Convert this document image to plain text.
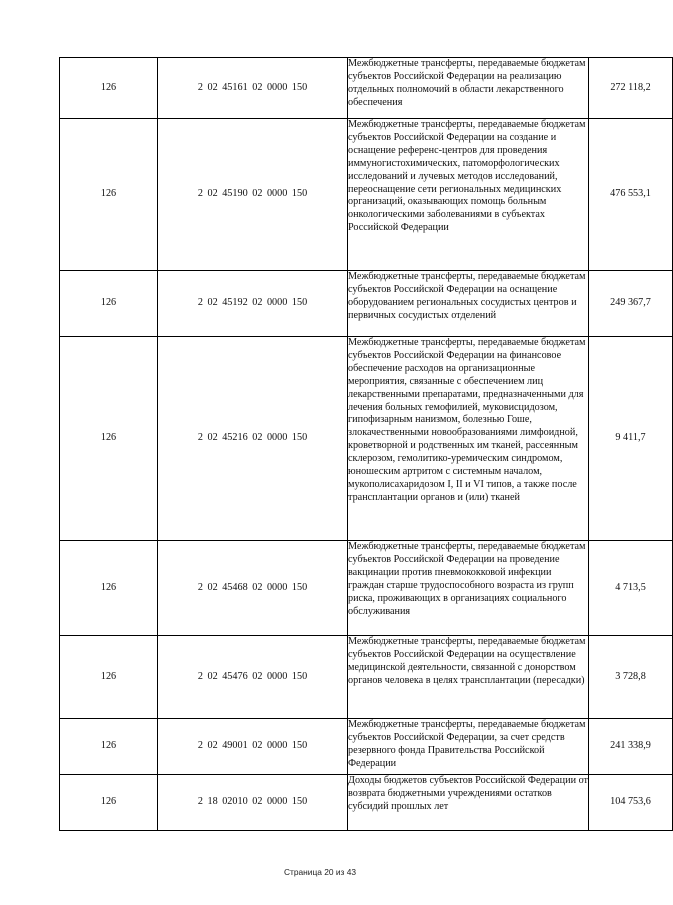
126	2 02 45161 02 0000 150	Межбюджетные трансферты, передаваемые бюджетам субъектов Российской Федерации на реализацию отдельных полномочий в области лекарственного обеспечения	272 118,2
126	2 02 45190 02 0000 150	Межбюджетные трансферты, передаваемые бюджетам субъектов Российской Федерации на создание и оснащение референс-центров для проведения иммуногистохимических, патоморфологических исследований и лучевых методов исследований, переоснащение сети региональных медицинских организаций, оказывающих помощь больным онкологическими заболеваниями в субъектах Российской Федерации	476 553,1
126	2 02 45192 02 0000 150	Межбюджетные трансферты, передаваемые бюджетам субъектов Российской Федерации на оснащение оборудованием региональных сосудистых центров и первичных сосудистых отделений	249 367,7
126	2 02 45216 02 0000 150	Межбюджетные трансферты, передаваемые бюджетам субъектов Российской Федерации на финансовое обеспечение расходов на организационные мероприятия, связанные с обеспечением лиц лекарственными препаратами, предназначенными для лечения больных гемофилией, муковисцидозом, гипофизарным нанизмом, болезнью Гоше, злокачественными новообразованиями лимфоидной, кроветворной и родственных им тканей, рассеянным склерозом, гемолитико-уремическим синдромом, юношеским артритом с системным началом, мукополисахаридозом I, II и VI типов, а также после трансплантации органов и (или) тканей	9 411,7
126	2 02 45468 02 0000 150	Межбюджетные трансферты, передаваемые бюджетам субъектов Российской Федерации на проведение вакцинации против пневмококковой инфекции граждан старше трудоспособного возраста из групп риска, проживающих в организациях социального обслуживания	4 713,5
126	2 02 45476 02 0000 150	Межбюджетные трансферты, передаваемые бюджетам субъектов Российской Федерации на осуществление медицинской деятельности, связанной с донорством органов человека в целях трансплантации (пересадки)	3 728,8
126	2 02 49001 02 0000 150	Межбюджетные трансферты, передаваемые бюджетам субъектов Российской Федерации, за счет средств резервного фонда Правительства Российской Федерации	241 338,9
126	2 18 02010 02 0000 150	Доходы бюджетов субъектов Российской Федерации от возврата бюджетными учреждениями остатков субсидий прошлых лет	104 753,6
Страница 20 из 43
